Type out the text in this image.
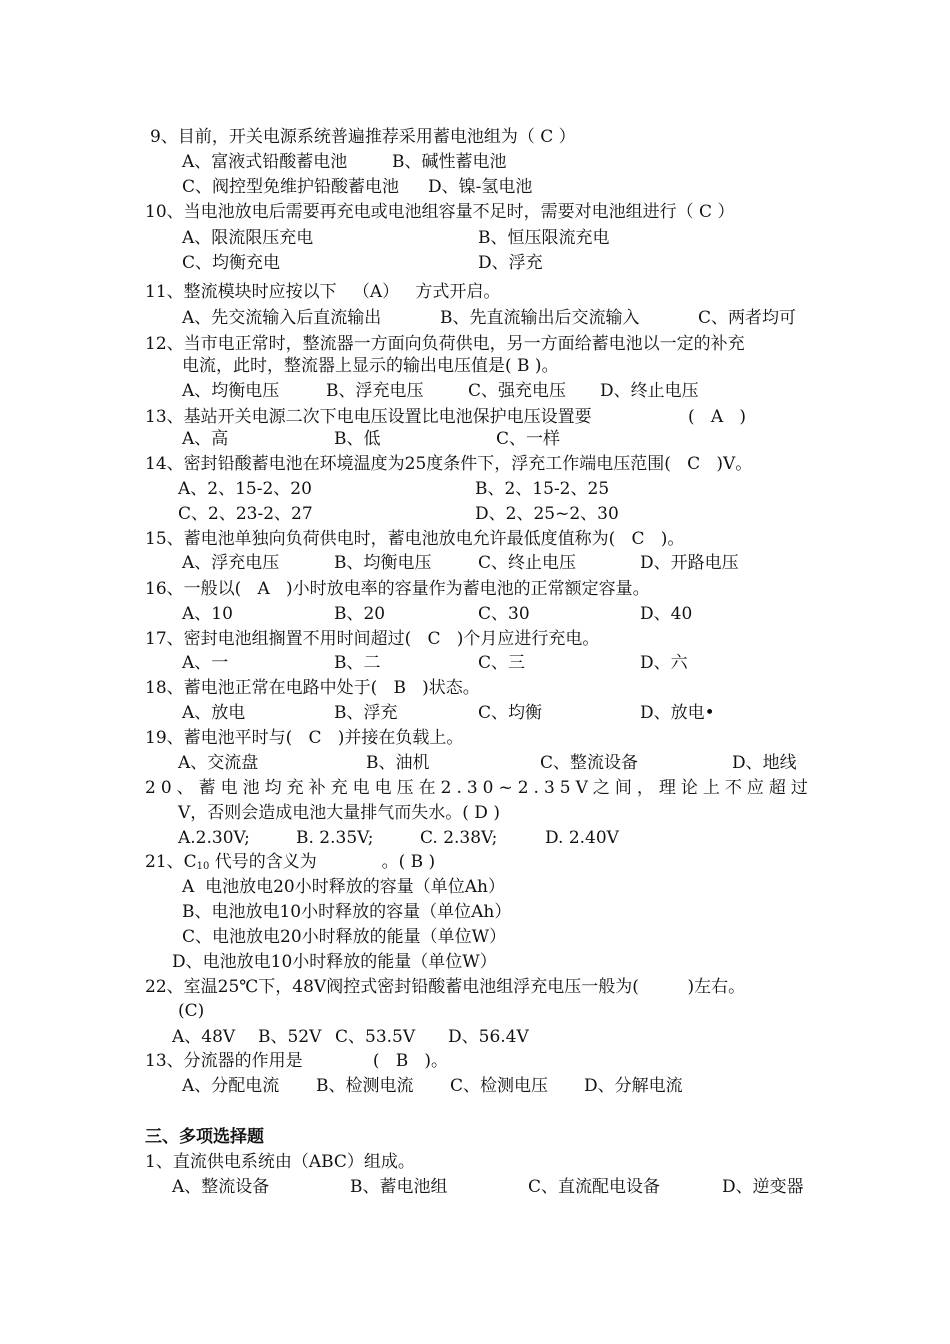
9、目前，开关电源系统普遍推荐采用蓄电池组为（ C ）
A、富液式铅酸蓄电池	B、碱性蓄电池
C、阀控型免维护铅酸蓄电池 D、镍-氢电池
10、当电池放电后需要再充电或电池组容量不足时，需要对电池组进行（ C ）
A、限流限压充电	B、恒压限流充电
C、均衡充电	D、浮充
11、整流模块时应按以下   （A）   方式开启。
A、先交流输入后直流输出	B、先直流输出后交流输入	C、两者均可
12、当市电正常时，整流器一方面向负荷供电，另一方面给蓄电池以一定的补充
电流，此时，整流器上显示的输出电压值是( B )。
A、均衡电压	B、浮充电压	C、强充电压 D、终止电压
13、基站开关电源二次下电电压设置比电池保护电压设置要	(   A   )
A、高	B、低	C、一样
14、密封铅酸蓄电池在环境温度为25度条件下，浮充工作端电压范围(   C   )V。
A、2、15-2、20	B、2、15-2、25
C、2、23-2、27	D、2、25~2、30
15、蓄电池单独向负荷供电时，蓄电池放电允许最低度值称为(   C   )。
A、浮充电压	B、均衡电压	C、终止电压	D、开路电压
16、一般以(   A   )小时放电率的容量作为蓄电池的正常额定容量。
A、10	B、20	C、30	D、40
17、密封电池组搁置不用时间超过(   C   )个月应进行充电。
A、一	B、二	C、三	D、六
18、蓄电池正常在电路中处于(   B   )状态。
A、放电	B、浮充	C、均衡	D、放电•
19、蓄电池平时与(   C   )并接在负载上。
A、交流盘	B、油机	C、整流设备	D、地线
20、蓄电池均充补充电电压在2.30~2.35V之间，理论上不应超过
V，否则会造成电池大量排气而失水。( D )
A.2.30V;	B. 2.35V;	C. 2.38V;	D. 2.40V
21、$C_{10}$ 代号的含义为            。( B )
A  电池放电20小时释放的容量（单位Ah）
B、电池放电10小时释放的容量（单位Ah）
C、电池放电20小时释放的能量（单位W）
D、电池放电10小时释放的能量（单位W）
22、室温25℃下，48V阀控式密封铅酸蓄电池组浮充电压一般为(         )左右。
(C)
A、48V B、52V C、53.5V D、56.4V
13、分流器的作用是             (   B   )。
A、分配电流 B、检测电流 C、检测电压 D、分解电流
三、多项选择题
1、直流供电系统由（ABC）组成。
A、整流设备	B、蓄电池组	C、直流配电设备	D、逆变器
